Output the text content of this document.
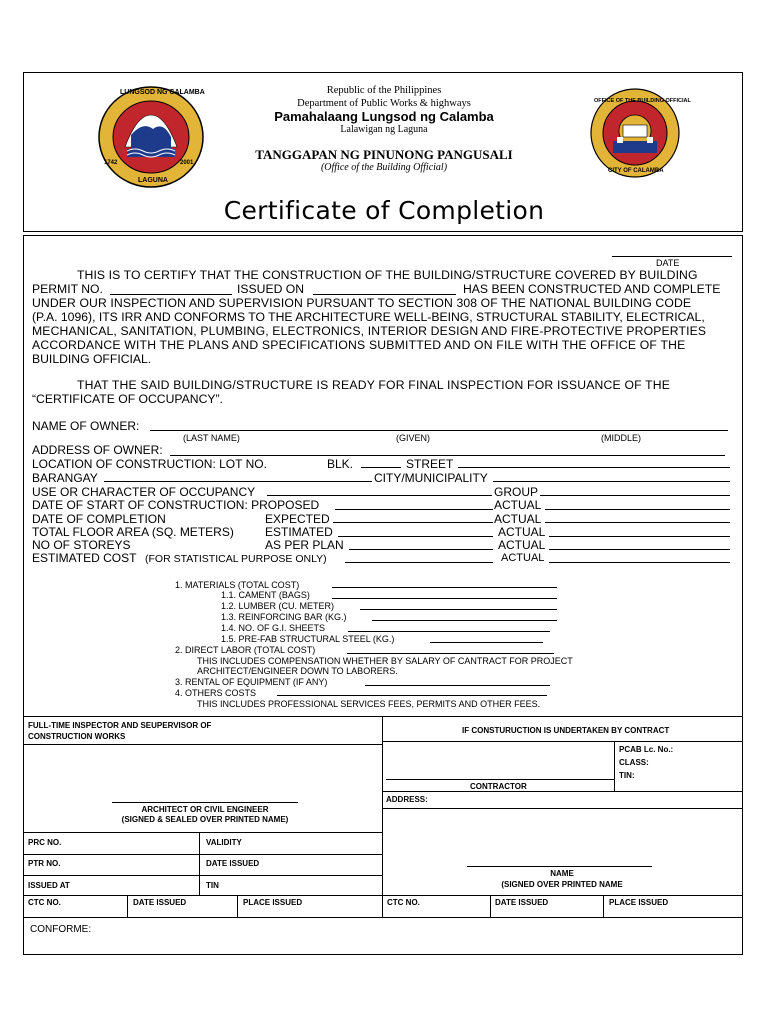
LUNGSOD NG CALAMBA
LAGUNA
1742	2001
OFFICE OF THE BUILDING OFFICIAL
CITY OF CALAMBA
Republic of the Philippines
Department of Public Works & highways
Pamahalaang Lungsod ng Calamba
Lalawigan ng Laguna
TANGGAPAN NG PINUNONG PANGUSALI
(Office of the Building Official)
Certificate of Completion
DATE
THIS IS TO CERTIFY THAT THE CONSTRUCTION OF THE BUILDING/STRUCTURE COVERED BY BUILDING
PERMIT NO.	ISSUED ON	HAS BEEN CONSTRUCTED AND COMPLETE
UNDER OUR INSPECTION AND SUPERVISION PURSUANT TO SECTION 308 OF THE NATIONAL BUILDING CODE
(P.A. 1096), ITS IRR AND CONFORMS TO THE ARCHITECTURE WELL-BEING, STRUCTURAL STABILITY, ELECTRICAL,
MECHANICAL, SANITATION, PLUMBING, ELECTRONICS, INTERIOR DESIGN AND FIRE-PROTECTIVE PROPERTIES
ACCORDANCE WITH THE PLANS AND SPECIFICATIONS SUBMITTED AND ON FILE WITH THE OFFICE OF THE
BUILDING OFFICIAL.
THAT THE SAID BUILDING/STRUCTURE IS READY FOR FINAL INSPECTION FOR ISSUANCE OF THE
“CERTIFICATE OF OCCUPANCY”.
NAME OF OWNER:
(LAST NAME)	(GIVEN)	(MIDDLE)
ADDRESS OF OWNER:
LOCATION OF CONSTRUCTION: LOT NO.	BLK.	STREET
BARANGAY	CITY/MUNICIPALITY
USE OR CHARACTER OF OCCUPANCY	GROUP
DATE OF START OF CONSTRUCTION: PROPOSED	ACTUAL
DATE OF COMPLETION	EXPECTED	ACTUAL
TOTAL FLOOR AREA (SQ. METERS)	ESTIMATED	ACTUAL
NO OF STOREYS	AS PER PLAN	ACTUAL
ESTIMATED COST (FOR STATISTICAL PURPOSE ONLY)	ACTUAL
1. MATERIALS (TOTAL COST)
1.1. CAMENT (BAGS)
1.2. LUMBER (CU. METER)
1.3. REINFORCING BAR (KG.)
1.4. NO. OF G.I. SHEETS
1.5. PRE-FAB STRUCTURAL STEEL (KG.)
2. DIRECT LABOR (TOTAL COST)
THIS INCLUDES COMPENSATION WHETHER BY SALARY OF CANTRACT FOR PROJECT
ARCHITECT/ENGINEER DOWN TO LABORERS.
3. RENTAL OF EQUIPMENT (IF ANY)
4. OTHERS COSTS
THIS INCLUDES PROFESSIONAL SERVICES FEES, PERMITS AND OTHER FEES.
FULL-TIME INSPECTOR AND SEUPERVISOR OF
CONSTRUCTION WORKS
IF CONSTURUCTION IS UNDERTAKEN BY CONTRACT
PCAB Lc. No.:
CLASS:
TIN:
CONTRACTOR
ADDRESS:
ARCHITECT OR CIVIL ENGINEER
(SIGNED & SEALED OVER PRINTED NAME)
PRC NO.	VALIDITY
PTR NO.	DATE ISSUED
ISSUED AT	TIN
NAME
(SIGNED OVER PRINTED NAME
CTC NO.	DATE ISSUED	PLACE ISSUED	CTC NO.	DATE ISSUED	PLACE ISSUED
CONFORME:
